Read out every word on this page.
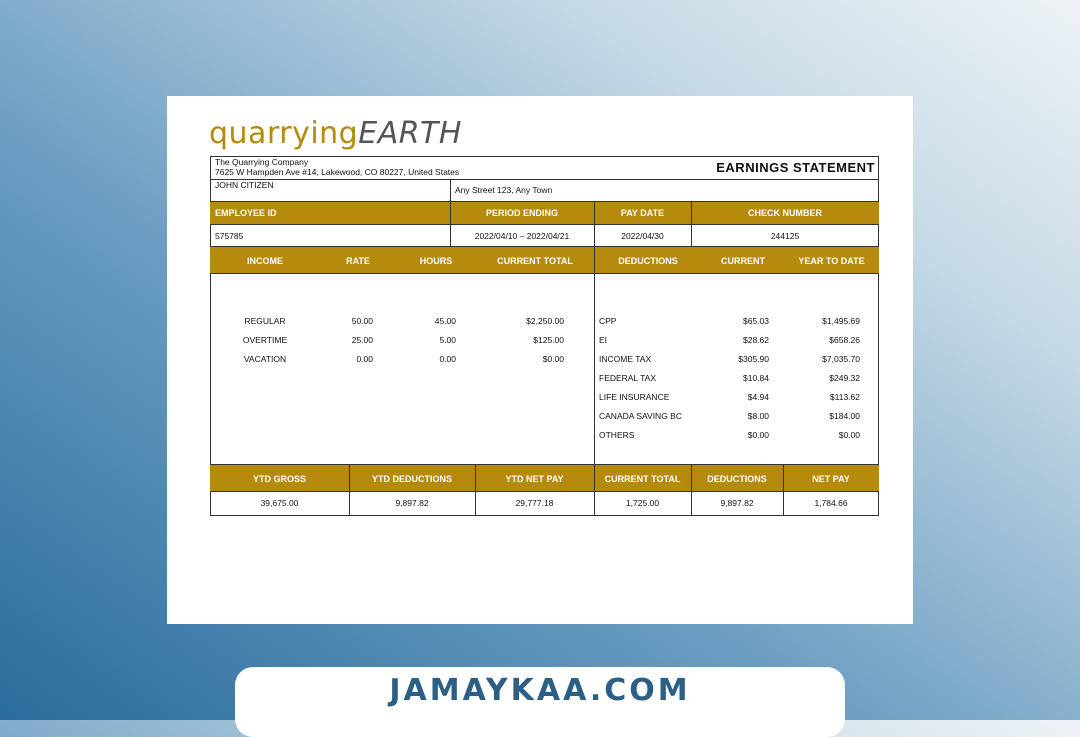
quarryingEARTH
The Quarrying Company
7625 W Hampden Ave #14, Lakewood, CO 80227, United States	EARNINGS STATEMENT
JOHN CITIZEN	Any Street 123, Any Town
EMPLOYEE ID	PERIOD ENDING	PAY DATE	CHECK NUMBER
575785	2022/04/10 – 2022/04/21	2022/04/30	244125
INCOME	RATE	HOURS	CURRENT TOTAL	DEDUCTIONS	CURRENT	YEAR TO DATE
REGULAR	50.00	45.00	$2,250.00
OVERTIME	25.00	5.00	$125.00
VACATION	0.00	0.00	$0.00
CPP	$65.03	$1,495.69
EI	$28.62	$658.26
INCOME TAX	$305.90	$7,035.70
FEDERAL TAX	$10.84	$249.32
LIFE INSURANCE	$4.94	$113.62
CANADA SAVING BC	$8.00	$184.00
OTHERS	$0.00	$0.00
YTD GROSS	YTD DEDUCTIONS	YTD NET PAY	CURRENT TOTAL	DEDUCTIONS	NET PAY
39,675.00	9,897.82	29,777.18	1,725.00	9,897.82	1,784.66
JAMAYKAA.COM
